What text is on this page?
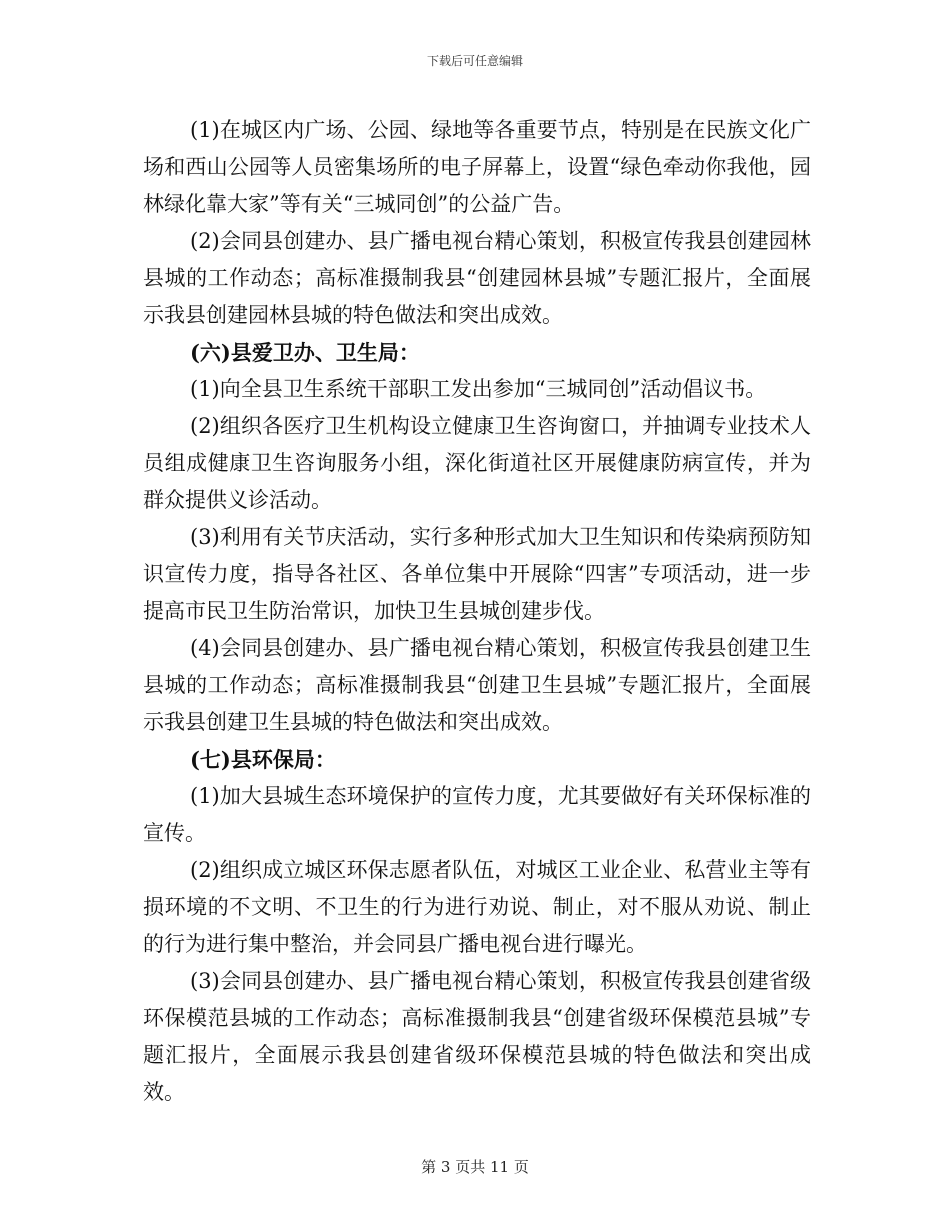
下载后可任意编辑

(1)在城区内广场、公园、绿地等各重要节点，特别是在民族文化广场和西山公园等人员密集场所的电子屏幕上，设置“绿色牵动你我他，园林绿化靠大家”等有关“三城同创”的公益广告。

(2)会同县创建办、县广播电视台精心策划，积极宣传我县创建园林县城的工作动态；高标准摄制我县“创建园林县城”专题汇报片，全面展示我县创建园林县城的特色做法和突出成效。

(六)县爱卫办、卫生局：

(1)向全县卫生系统干部职工发出参加“三城同创”活动倡议书。

(2)组织各医疗卫生机构设立健康卫生咨询窗口，并抽调专业技术人员组成健康卫生咨询服务小组，深化街道社区开展健康防病宣传，并为群众提供义诊活动。

(3)利用有关节庆活动，实行多种形式加大卫生知识和传染病预防知识宣传力度，指导各社区、各单位集中开展除“四害”专项活动，进一步提高市民卫生防治常识，加快卫生县城创建步伐。

(4)会同县创建办、县广播电视台精心策划，积极宣传我县创建卫生县城的工作动态；高标准摄制我县“创建卫生县城”专题汇报片，全面展示我县创建卫生县城的特色做法和突出成效。

(七)县环保局：

(1)加大县城生态环境保护的宣传力度，尤其要做好有关环保标准的宣传。

(2)组织成立城区环保志愿者队伍，对城区工业企业、私营业主等有损环境的不文明、不卫生的行为进行劝说、制止，对不服从劝说、制止的行为进行集中整治，并会同县广播电视台进行曝光。

(3)会同县创建办、县广播电视台精心策划，积极宣传我县创建省级环保模范县城的工作动态；高标准摄制我县“创建省级环保模范县城”专题汇报片，全面展示我县创建省级环保模范县城的特色做法和突出成效。

第 3 页共 11 页
